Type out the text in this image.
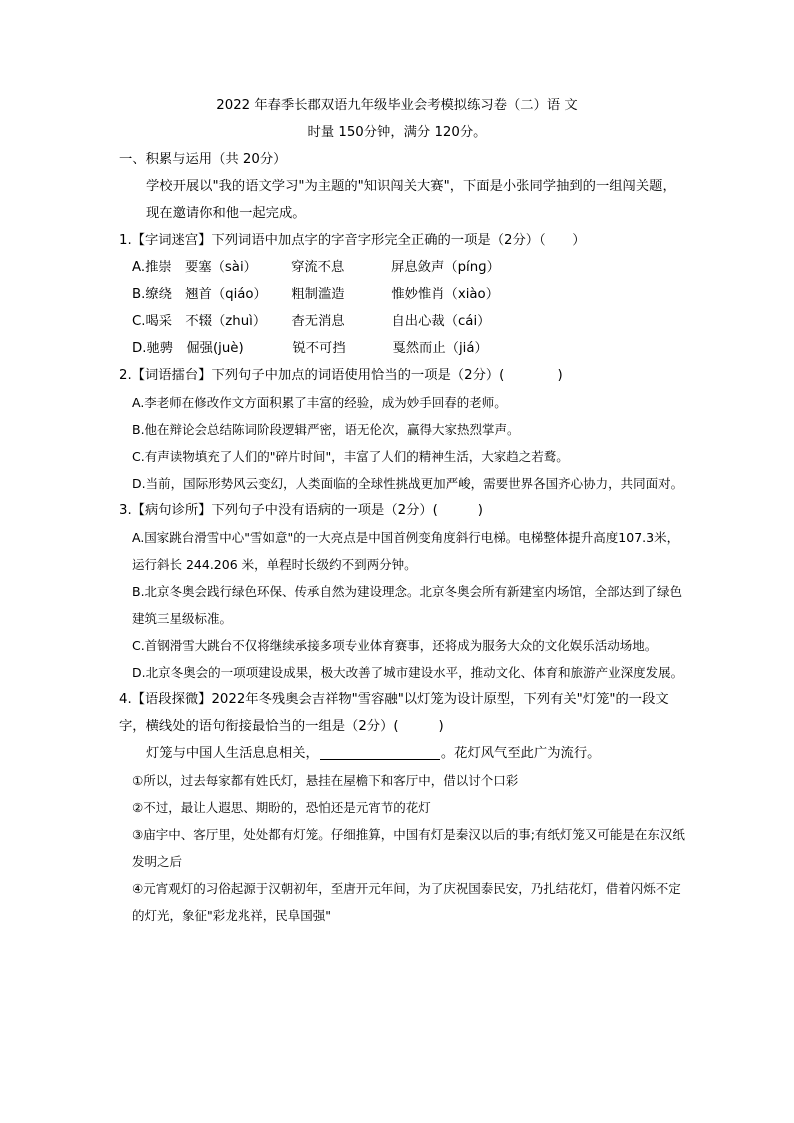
2022 年春季长郡双语九年级毕业会考模拟练习卷（二）语 文
时量 150分钟，满分 120分。

一、积累与运用（共 20分）

学校开展以"我的语文学习"为主题的"知识闯关大赛"，下面是小张同学抽到的一组闯关题，现在邀请你和他一起完成。

1.【字词迷宫】下列词语中加点字的字音字形完全正确的一项是（2分）（　　）

A.推崇　要塞（sài）	穿流不息	屏息敛声（pínɡ）
B.缭绕　翘首（qiáo） 粗制滥造	惟妙惟肖（xiào）
C.喝采　不辍（zhuì） 杳无消息	自出心裁（cái）
D.驰骋　倔强(juè)	锐不可挡	戛然而止（jiá）

2.【词语擂台】下列句子中加点的词语使用恰当的一项是（2分）(　　　　)

A.李老师在修改作文方面积累了丰富的经验，成为妙手回春的老师。

B.他在辩论会总结陈词阶段逻辑严密，语无伦次，赢得大家热烈掌声。

C.有声读物填充了人们的"碎片时间"，丰富了人们的精神生活，大家趋之若鹜。

D.当前，国际形势风云变幻，人类面临的全球性挑战更加严峻，需要世界各国齐心协力，共同面对。

3.【病句诊所】下列句子中没有语病的一项是（2分）(　　　)

A.国家跳台滑雪中心"雪如意"的一大亮点是中国首例变角度斜行电梯。电梯整体提升高度107.3米，运行斜长 244.206 米，单程时长级约不到两分钟。

B.北京冬奥会践行绿色环保、传承自然为建设理念。北京冬奥会所有新建室内场馆，全部达到了绿色建筑三星级标准。

C.首钢滑雪大跳台不仅将继续承接多项专业体育赛事，还将成为服务大众的文化娱乐活动场地。

D.北京冬奥会的一项项建设成果，极大改善了城市建设水平，推动文化、体育和旅游产业深度发展。

4.【语段探微】2022年冬残奥会吉祥物"雪容融"以灯笼为设计原型，下列有关"灯笼"的一段文字，横线处的语句衔接最恰当的一组是（2分）(　　　)

灯笼与中国人生活息息相关，	。花灯风气至此广为流行。

①所以，过去每家都有姓氏灯，悬挂在屋檐下和客厅中，借以讨个口彩

②不过，最让人遐思、期盼的，恐怕还是元宵节的花灯

③庙宇中、客厅里，处处都有灯笼。仔细推算，中国有灯是秦汉以后的事;有纸灯笼又可能是在东汉纸发明之后

④元宵观灯的习俗起源于汉朝初年，至唐开元年间，为了庆祝国泰民安，乃扎结花灯，借着闪烁不定的灯光，象征"彩龙兆祥，民阜国强"
